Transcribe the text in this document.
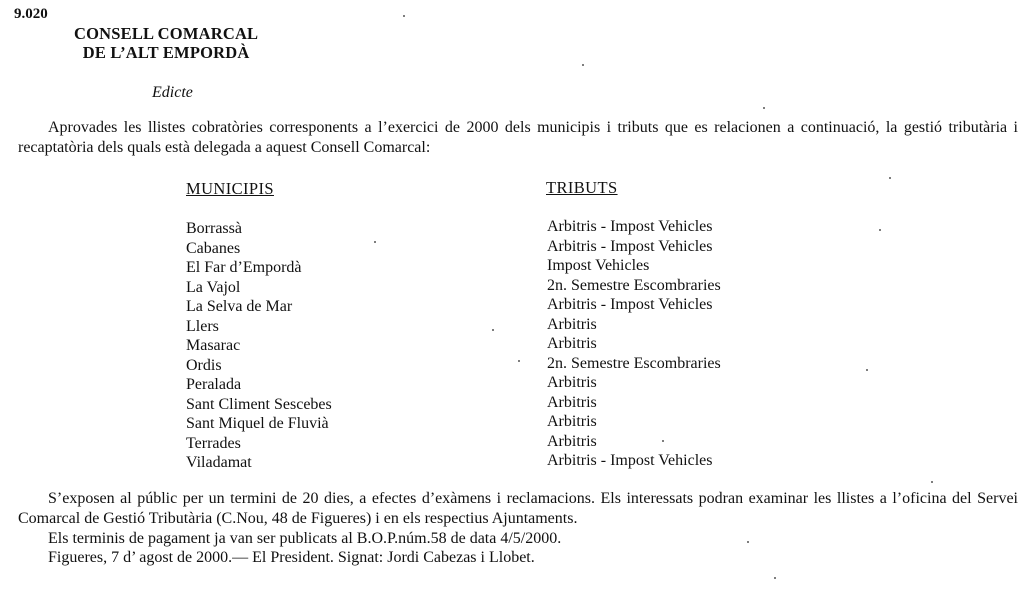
9.020
CONSELL COMARCAL
DE L’ALT EMPORDÀ
Edicte
Aprovades les llistes cobratòries corresponents a l’exercici de 2000 dels municipis i tributs que es relacionen a continuació, la gestió tributària i recaptatòria dels quals està delegada a aquest Consell Comarcal:
MUNICIPIS	TRIBUTS
Borrassà
Cabanes
El Far d’Empordà
La Vajol
La Selva de Mar
Llers
Masarac
Ordis
Peralada
Sant Climent Sescebes
Sant Miquel de Fluvià
Terrades
Viladamat
Arbitris - Impost Vehicles
Arbitris - Impost Vehicles
Impost Vehicles
2n. Semestre Escombraries
Arbitris - Impost Vehicles
Arbitris
Arbitris
2n. Semestre Escombraries
Arbitris
Arbitris
Arbitris
Arbitris
Arbitris - Impost Vehicles
S’exposen al públic per un termini de 20 dies, a efectes d’exàmens i reclamacions. Els interessats podran examinar les llistes a l’oficina del Servei Comarcal de Gestió Tributària (C.Nou, 48 de Figueres) i en els respectius Ajuntaments.
Els terminis de pagament ja van ser publicats al B.O.P.núm.58 de data 4/5/2000.
Figueres, 7 d’ agost de 2000.— El President. Signat: Jordi Cabezas i Llobet.
